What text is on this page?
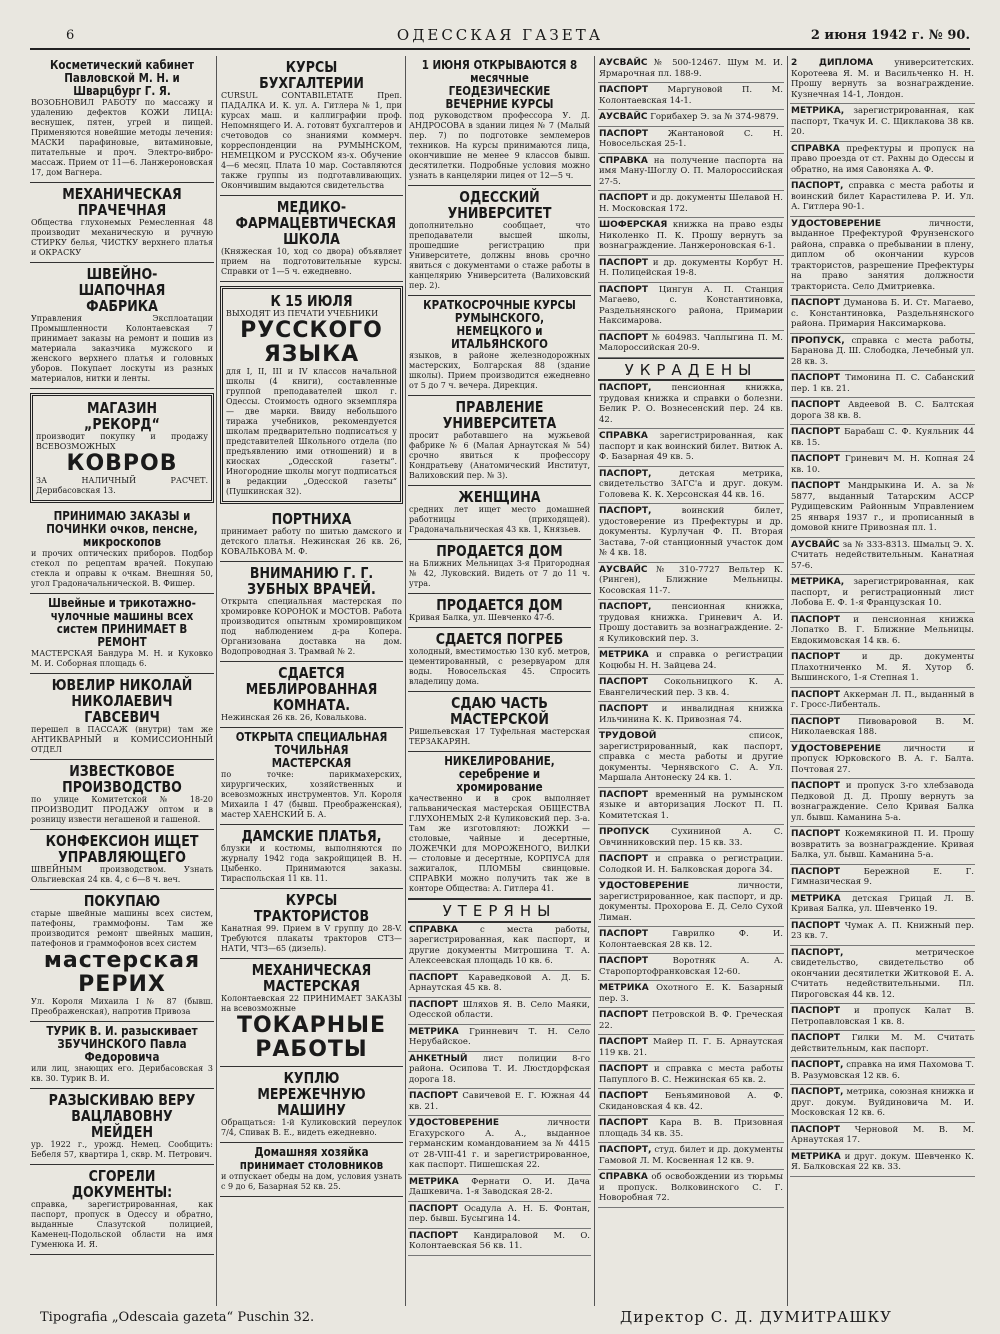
6	ОДЕССКАЯ ГАЗЕТА	2 июня 1942 г. № 90.
Косметический кабинет Павловской М. Н. и Шварцбург Г. Я.
ВОЗОБНОВИЛ РАБОТУ по массажу и удалению дефектов КОЖИ ЛИЦА: веснушек, пятен, угрей и пищей. Применяются новейшие методы лечения: МАСКИ парафиновые, витаминовые, питательные и проч. Электро-вибро-массаж. Прием от 11—6. Ланжероновская 17, дом Вагнера.
МЕХАНИЧЕСКАЯ ПРАЧЕЧНАЯ
Общества глухонемых Ремесленная 48 производит механическую и ручную СТИРКУ белья, ЧИСТКУ верхнего платья и ОКРАСКУ
ШВЕЙНО-ШАПОЧНАЯ ФАБРИКА
Управления Эксплоатации Промышленности Колонтаевская 7 принимает заказы на ремонт и пошив из материала заказчика мужского и женского верхнего платья и головных уборов. Покупает лоскуты из разных материалов, нитки и ленты.
МАГАЗИН „РЕКОРД“
производит покупку и продажу ВСЕВОЗМОЖНЫХ
КОВРОВ
ЗА НАЛИЧНЫЙ РАСЧЕТ. Дерибасовская 13.
ПРИНИМАЮ ЗАКАЗЫ и ПОЧИНКИ очков, пенсне, микроскопов
и прочих оптических приборов. Подбор стекол по рецептам врачей. Покупаю стекла и оправы к очкам. Внешняя 50, угол Градоначальнической. В. Фишер.
Швейные и трикотажно-чулочные машины всех систем ПРИНИМАЕТ В РЕМОНТ
МАСТЕРСКАЯ Бандура М. Н. и Куковко М. И. Соборная площадь 6.
ЮВЕЛИР НИКОЛАЙ НИКОЛАЕВИЧ ГАВСЕВИЧ
перешел в ПАССАЖ (внутри) там же АНТИКВАРНЫЙ и КОМИССИОННЫЙ ОТДЕЛ
ИЗВЕСТКОВОЕ ПРОИЗВОДСТВО
по улице Комитетской № 18-20 ПРОИЗВОДИТ ПРОДАЖУ оптом и в розницу извести негашеной и гашеной.
КОНФЕКСИОН ИЩЕТ УПРАВЛЯЮЩЕГО
ШВЕЙНЫМ производством. Узнать Ольгиевская 24 кв. 4, с 6—8 ч. веч.
ПОКУПАЮ
старые швейные машины всех систем, патефоны, граммофоны. Там же производится ремонт швейных машин, патефонов и граммофонов всех систем
мастерская РЕРИХ
Ул. Короля Михаила I № 87 (бывш. Преображенская), напротив Привоза
ТУРИК В. И. разыскивает ЗБУЧИНСКОГО Павла Федоровича
или лиц, знающих его. Дерибасовская 3 кв. 30. Турик В. И.
РАЗЫСКИВАЮ ВЕРУ ВАЦЛАВОВНУ МЕЙДЕН
ур. 1922 г., урожд. Немец. Сообщить: Бебеля 57, квартира 1, сквр. М. Петрович.
СГОРЕЛИ ДОКУМЕНТЫ:
справка, зарегистрированная, как паспорт, пропуск в Одессу и обратно, выданные Слазутской полицией, Каменец-Подольской области на имя Гуменюка И. Я.
КУРСЫ БУХГАЛТЕРИИ
CURSUL CONTABILETATE Преп. ПАДАЛКА И. К. ул. А. Гитлера № 1, при курсах маш. и каллиграфии проф. Непомнящего И. А. готовят бухгалтеров и счетоводов со знаниями коммерч. корреспонденции на РУМЫНСКОМ, НЕМЕЦКОМ и РУССКОМ яз-х. Обучение 4—6 месяц. Плата 10 мар. Составляются также группы из подготавливающих. Окончившим выдаются свидетельства
МЕДИКО-ФАРМАЦЕВТИЧЕСКАЯ ШКОЛА
(Княжеская 10, ход со двора) объявляет прием на подготовительные курсы. Справки от 1—5 ч. ежедневно.
К 15 ИЮЛЯ
ВЫХОДЯТ ИЗ ПЕЧАТИ УЧЕБНИКИ
РУССКОГО ЯЗЫКА
для I, II, III и IV классов начальной школы (4 книги), составленные группой преподавателей школ г. Одессы. Стоимость одного экземпляра — две марки. Ввиду небольшого тиража учебников, рекомендуется школам предварительно подписаться у представителей Школьного отдела (по предъявлению ими отношений) и в киосках „Одесской газеты“. Иногородние школы могут подписаться в редакции „Одесской газеты“ (Пушкинская 32).
ПОРТНИХА
принимает работу по шитью дамского и детского платья. Нежинская 26 кв. 26, КОВАЛЬКОВА М. Ф.
ВНИМАНИЮ Г. Г. ЗУБНЫХ ВРАЧЕЙ.
Открыта специальная мастерская по хромировке КОРОНОК и МОСТОВ. Работа производится опытным хромировщиком под наблюдением д-ра Копера. Организована доставка на дом. Водопроводная 3. Трамвай № 2.
СДАЕТСЯ МЕБЛИРОВАННАЯ КОМНАТА.
Нежинская 26 кв. 26, Ковалькова.
ОТКРЫТА СПЕЦИАЛЬНАЯ ТОЧИЛЬНАЯ МАСТЕРСКАЯ
по точке: парикмахерских, хирургических, хозяйственных и всевозможных инструментов. Ул. Короля Михаила I 47 (бывш. Преображенская), мастер ХАЕНСКИЙ Б. А.
ДАМСКИЕ ПЛАТЬЯ,
блузки и костюмы, выполняются по журналу 1942 года закройщицей В. Н. Цыбенко. Принимаются заказы. Тираспольская 11 кв. 11.
КУРСЫ ТРАКТОРИСТОВ
Канатная 99. Прием в V группу до 28-V. Требуются плакаты тракторов СТЗ—НАТИ, ЧТЗ—65 (дизель).
МЕХАНИЧЕСКАЯ МАСТЕРСКАЯ
Колонтаевская 22 ПРИНИМАЕТ ЗАКАЗЫ на всевозможные
ТОКАРНЫЕ РАБОТЫ
КУПЛЮ МЕРЕЖЕЧНУЮ МАШИНУ
Обращаться: 1-й Куликовский переулок 7/4, Спивак В. Е., видеть ежедневно.
Домашняя хозяйка принимает столовников
и отпускает обеды на дом, условия узнать с 9 до 6, Базарная 52 кв. 25.
1 ИЮНЯ ОТКРЫВАЮТСЯ 8 месячные ГЕОДЕЗИЧЕСКИЕ ВЕЧЕРНИЕ КУРСЫ
под руководством профессора У. Д. АНДРОСОВА в здании лицея № 7 (Малый пер. 7) по подготовке землемеров техников. На курсы принимаются лица, окончившие не менее 9 классов бывш. десятилетки. Подробные условия можно узнать в канцелярии лицея от 12—5 ч.
ОДЕССКИЙ УНИВЕРСИТЕТ
дополнительно сообщает, что преподаватели высшей школы, прошедшие регистрацию при Университете, должны вновь срочно явиться с документами о стаже работы в канцелярию Университета (Валиховский пер. 2).
КРАТКОСРОЧНЫЕ КУРСЫ РУМЫНСКОГО, НЕМЕЦКОГО и ИТАЛЬЯНСКОГО
языков, в районе железнодорожных мастерских, Болгарская 88 (здание школы). Прием производится ежедневно от 5 до 7 ч. вечера. Дирекция.
ПРАВЛЕНИЕ УНИВЕРСИТЕТА
просит работавшего на мужьевой фабрике № 6 (Малая Арнаутская № 54) срочно явиться к профессору Кондратьеву (Анатомический Институт, Валиховский пер. № 3).
ЖЕНЩИНА
средних лет ищет место домашней работницы (приходящей). Градоначальническая 43 кв. 1, Князьев.
ПРОДАЕТСЯ ДОМ
на Ближних Мельницах 3-я Пригородная № 42, Луковский. Видеть от 7 до 11 ч. утра.
ПРОДАЕТСЯ ДОМ
Кривая Балка, ул. Шевченко 47-б.
СДАЕТСЯ ПОГРЕБ
холодный, вместимостью 130 куб. метров, цементированный, с резервуаром для воды. Новосельская 45. Спросить владелицу дома.
СДАЮ ЧАСТЬ МАСТЕРСКОЙ
Ришельевская 17 Туфельная мастерская ТЕРЗАКАРЯН.
НИКЕЛИРОВАНИЕ, серебрение и хромирование
качественно и в срок выполняет гальваническая мастерская ОБЩЕСТВА ГЛУХОНЕМЫХ 2-й Куликовский пер. 3-а. Там же изготовляют: ЛОЖКИ — столовые, чайные и десертные, ЛОЖЕЧКИ для МОРОЖЕНОГО, ВИЛКИ — столовые и десертные, КОРПУСА для зажигалок, ПЛОМБЫ свинцовые. СПРАВКИ можно получить так же в конторе Общества: А. Гитлера 41.
УТЕРЯНЫ
СПРАВКА	с места работы, зарегистрированная, как паспорт, и другие документы Митрошина Т. А. Алексеевская площадь 10 кв. 6.
ПАСПОРТ Караведковой А. Д. Б. Арнаутская 45 кв. 8.
ПАСПОРТ Шляхов Я. В. Село Маяки, Одесской области.
МЕТРИКА Гринневич Т. Н. Село Нерубайское.
АНКЕТНЫЙ лист полиции 8-го района. Осипова Т. И. Люстдорфская дорога 18.
ПАСПОРТ Савичевой Е. Г. Южная 44 кв. 21.
УДОСТОВЕРЕНИЕ	личности Егахурского А. А., выданное германским командованием за № 4415 от 28-VIII-41 г. и зарегистрированное, как паспорт. Пишешская 22.
МЕТРИКА Фернати О. И. Дача Дашкевича. 1-я Заводская 28-2.
ПАСПОРТ Осадула А. Н. Б. Фонтан, пер. бывш. Бусыгина 14.
ПАСПОРТ Кандираловой М. О. Колонтаевская 56 кв. 11.
АУСВАЙС № 500-12467. Шум М. И. Ярмарочная пл. 188-9.
ПАСПОРТ Маргуновой П. М. Колонтаевская 14-1.
АУСВАЙС Горибахер Э. за № 374-9879.
ПАСПОРТ Жантановой С. Н. Новосельская 25-1.
СПРАВКА на получение паспорта на имя Ману-Шоглу О. П. Малороссийская 27-5.
ПАСПОРТ и др. документы Шелавой Н. Н. Московская 172.
ШОФЕРСКАЯ книжка на право езды Николенко П. К. Прошу вернуть за вознаграждение. Ланжероновская 6-1.
ПАСПОРТ и др. документы Корбут Н. Н. Полицейская 19-8.
ПАСПОРТ Цингун А. П. Станция Магаево, с. Константиновка, Раздельнянского района, Примарии Наксимарова.
ПАСПОРТ № 604983. Чаплыгина П. М. Малороссийская 20-9.
УКРАДЕНЫ
ПАСПОРТ, пенсионная книжка, трудовая книжка и справки о болезни. Белик Р. О. Вознесенский пер. 24 кв. 42.
СПРАВКА зарегистрированная, как паспорт и как воинский билет. Витюк А. Ф. Базарная 49 кв. 5.
ПАСПОРТ,	детская метрика, свидетельство ЗАГС'а и друг. докум. Головева К. К. Херсонская 44 кв. 16.
ПАСПОРТ,	воинский билет, удостоверение из Префектуры и др. документы. Курлучан Ф. П. Вторая Застава, 7-ой станционный участок дом № 4 кв. 18.
АУСВАЙС № 310-7727 Вельтер К. (Ринген), Ближние Мельницы. Косовская 11-7.
ПАСПОРТ, пенсионная книжка, трудовая книжка. Гриневич А. И. Прошу доставить за вознаграждение. 2-я Куликовский пер. 3.
МЕТРИКА и справка о регистрации Коцюбы Н. Н. Зайцева 24.
ПАСПОРТ Сокольницкого К. А. Евангелический пер. 3 кв. 4.
ПАСПОРТ и инвалидная книжка Ильчинина К. К. Привозная 74.
ТРУДОВОЙ	список, зарегистрированный, как паспорт, справка с места работы и другие документы. Чернявского С. А. Ул. Маршала Антонеску 24 кв. 1.
ПАСПОРТ временный на румынском языке и авторизация Лоскот П. П. Комитетская 1.
ПРОПУСК	Сухининой А. С. Овчинниковский пер. 15 кв. 33.
ПАСПОРТ и справка о регистрации. Солодкой И. Н. Балковская дорога 34.
УДОСТОВЕРЕНИЕ	личности, зарегистрированное, как паспорт, и др. документы. Прохорова Е. Д. Село Сухой Лиман.
ПАСПОРТ	Гаврилко Ф. И. Колонтаевская 28 кв. 12.
ПАСПОРТ	Воротняк А. А. Старопортофранковская 12-60.
МЕТРИКА Охотного Е. К. Базарный пер. 3.
ПАСПОРТ Петровской В. Ф. Греческая 22.
ПАСПОРТ Майер П. Г. Б. Арнаутская 119 кв. 21.
ПАСПОРТ и справка с места работы Папуплого В. С. Нежинская 65 кв. 2.
ПАСПОРТ Беньяминовой А. Ф. Скидановская 4 кв. 42.
ПАСПОРТ Кара В. В. Призовная площадь 34 кв. 35.
ПАСПОРТ, студ. билет и др. документы Гамовой Л. М. Косвенная 12 кв. 9.
СПРАВКА об освобождении из тюрьмы и пропуск. Волковинского С. Г. Новоробная 72.
2 ДИПЛОМА	университетских. Коротеева Я. М. и Васильченко Н. Н. Прошу вернуть за вознаграждение. Кузнечная 14-1, Лондон.
МЕТРИКА, зарегистрированная, как паспорт, Ткачук И. С. Щиклакова 38 кв. 20.
СПРАВКА префектуры и пропуск на право проезда от ст. Рахны до Одессы и обратно, на имя Савоняка А. Ф.
ПАСПОРТ, справка с места работы и воинский билет Карастилева Р. И. Ул. А. Гитлера 90-1.
УДОСТОВЕРЕНИЕ	личности, выданное Префектурой Фрунзенского района, справка о пребывании в плену, диплом об окончании курсов трактористов, разрешение Префектуры на право занятия должности тракториста. Село Дмитриевка.
ПАСПОРТ Думанова Б. И. Ст. Магаево, с. Константиновка, Раздельнянского района. Примария Наксимаркова.
ПРОПУСК, справка с места работы, Баранова Д. Ш. Слободка, Лечебный ул. 28 кв. 3.
ПАСПОРТ Тимонина П. С. Сабанский пер. 1 кв. 21.
ПАСПОРТ Авдеевой В. С. Балтская дорога 38 кв. 8.
ПАСПОРТ Барабаш С. Ф. Куяльник 44 кв. 15.
ПАСПОРТ Гриневич М. Н. Копная 24 кв. 10.
ПАСПОРТ Мандрыкина И. А. за № 5877, выданный Татарским АССР Рудищевским Районным Управлением 25 января 1937 г., и прописанный в домовой книге Привозная пл. 1.
АУСВАЙС за № 333-8313. Шмальц Э. Х. Считать недействительным. Канатная 57-6.
МЕТРИКА, зарегистрированная, как паспорт, и регистрационный лист Лобова Е. Ф. 1-я Французская 10.
ПАСПОРТ и пенсионная книжка Лопатко В. Г. Ближние Мельницы. Евдокимовская 14 кв. 6.
ПАСПОРТ	и др. документы Плахотниченко М. Я. Хутор б. Вышинского, 1-я Степная 1.
ПАСПОРТ Аккерман Л. П., выданный в г. Гросс-Либенталь.
ПАСПОРТ Пивоваровой В. М. Николаевская 188.
УДОСТОВЕРЕНИЕ	личности и пропуск Юрковского В. А. г. Балта. Почтовая 27.
ПАСПОРТ и пропуск 3-го хлебзавода Педковой Д. Д. Прошу вернуть за вознаграждение. Село Кривая Балка ул. бывш. Каманина 5-а.
ПАСПОРТ Кожемякиной П. И. Прошу возвратить за вознаграждение. Кривая Балка, ул. бывш. Каманина 5-а.
ПАСПОРТ	Бережной Е. Г. Гимназическая 9.
МЕТРИКА детская Грицай Л. В. Кривая Балка, ул. Шевченко 19.
ПАСПОРТ Чумак А. П. Книжный пер. 23 кв. 7.
ПАСПОРТ,	метрическое свидетельство, свидетельство об окончании десятилетки Житковой Е. А. Считать недействительными. Пл. Пироговская 44 кв. 12.
ПАСПОРТ и пропуск Калат В. Петропавловская 1 кв. 8.
ПАСПОРТ Гилки М. М. Считать действительным, как паспорт.
ПАСПОРТ, справка на имя Пахомова Т. В. Разумовская 12 кв. 6.
ПАСПОРТ, метрика, союзная книжка и друг. докум. Вуйдиновича М. И. Московская 12 кв. 6.
ПАСПОРТ Черновой М. В. М. Арнаутская 17.
МЕТРИКА и друг. докум. Шевченко К. Я. Балковская 22 кв. 33.
Tipografia „Odescaia gazeta“ Puschin 32.	Директор С. Д. ДУМИТРАШКУ
